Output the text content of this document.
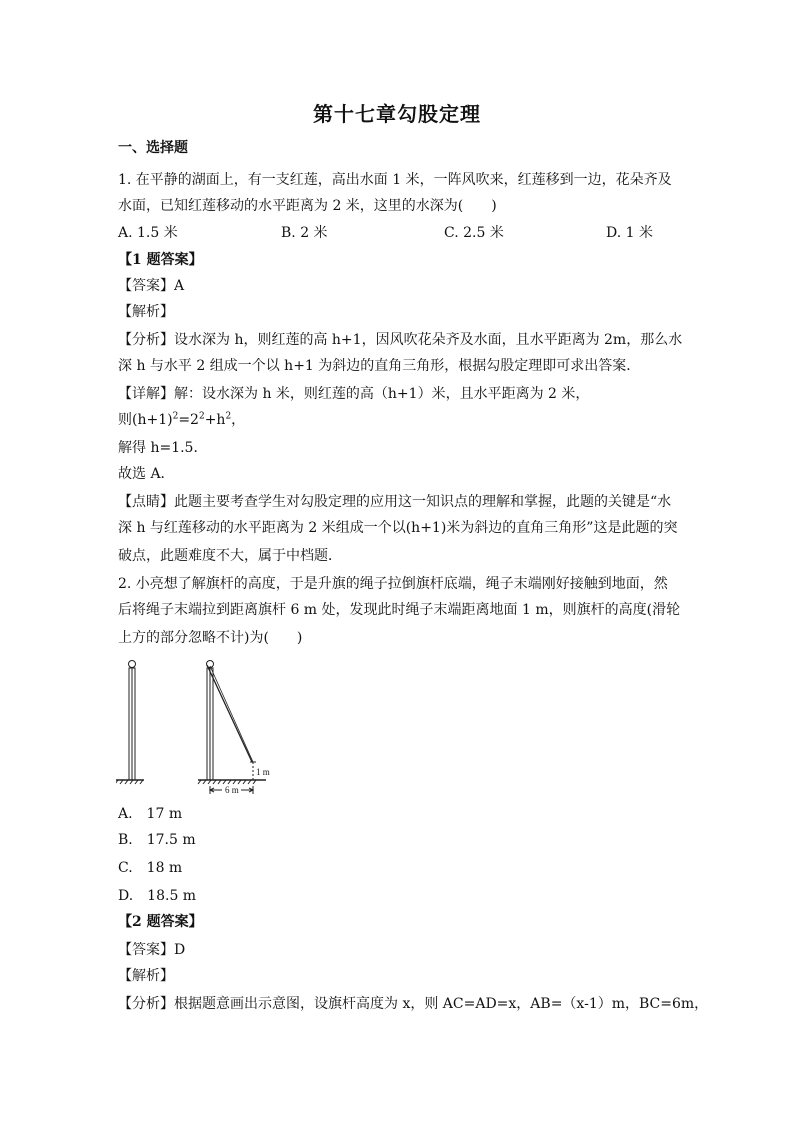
第十七章勾股定理
一、选择题
1. 在平静的湖面上，有一支红莲，高出水面 1 米，一阵风吹来，红莲移到一边，花朵齐及
水面，已知红莲移动的水平距离为 2 米，这里的水深为(　　)
A. 1.5 米	B. 2 米	C. 2.5 米	D. 1 米
【1 题答案】
【答案】A
【解析】
【分析】设水深为 h，则红莲的高 h+1，因风吹花朵齐及水面，且水平距离为 2m，那么水
深 h 与水平 2 组成一个以 h+1 为斜边的直角三角形，根据勾股定理即可求出答案．
【详解】解：设水深为 h 米，则红莲的高（h+1）米，且水平距离为 2 米，
则$(h+1)^2=2^2+h^2$，
解得 h=1.5．
故选 A．
【点睛】此题主要考查学生对勾股定理的应用这一知识点的理解和掌握，此题的关键是“水
深 h 与红莲移动的水平距离为 2 米组成一个以(h+1)米为斜边的直角三角形”这是此题的突
破点，此题难度不大，属于中档题．
2. 小亮想了解旗杆的高度，于是升旗的绳子拉倒旗杆底端，绳子末端刚好接触到地面，然
后将绳子末端拉到距离旗杆 6 m 处，发现此时绳子末端距离地面 1 m，则旗杆的高度(滑轮
上方的部分忽略不计)为(　　)
1 m
6 m
A.　17 m
B.　17.5 m
C.　18 m
D.　18.5 m
【2 题答案】
【答案】D
【解析】
【分析】根据题意画出示意图，设旗杆高度为 x，则 AC=AD=x，AB=（x-1）m，BC=6m，
